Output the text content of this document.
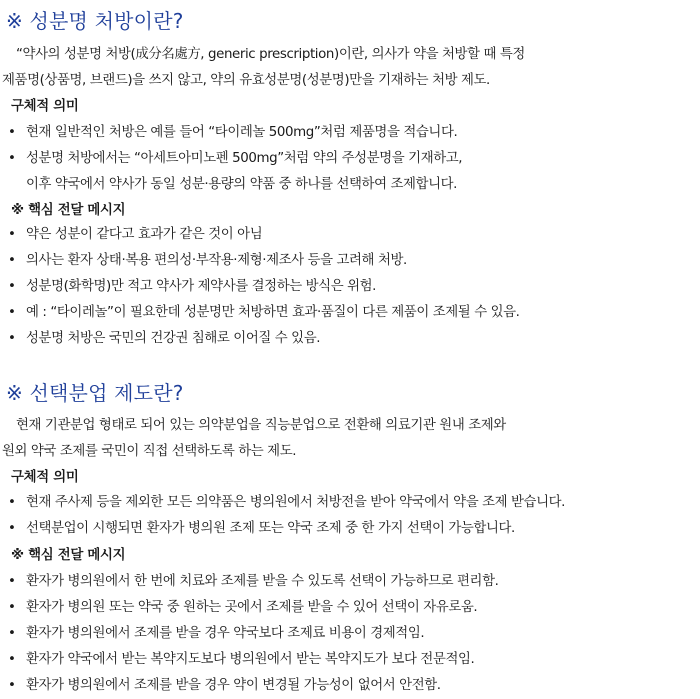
※ 성분명 처방이란?
“약사의 성분명 처방(成分名處方, generic prescription)이란, 의사가 약을 처방할 때 특정
제품명(상품명, 브랜드)을 쓰지 않고, 약의 유효성분명(성분명)만을 기재하는 처방 제도.
구체적 의미
• 현재 일반적인 처방은 예를 들어 “타이레놀 500mg”처럼 제품명을 적습니다.
• 성분명 처방에서는 “아세트아미노펜 500mg”처럼 약의 주성분명을 기재하고,
이후 약국에서 약사가 동일 성분·용량의 약품 중 하나를 선택하여 조제합니다.
※ 핵심 전달 메시지
• 약은 성분이 같다고 효과가 같은 것이 아님
• 의사는 환자 상태·복용 편의성·부작용·제형·제조사 등을 고려해 처방.
• 성분명(화학명)만 적고 약사가 제약사를 결정하는 방식은 위험.
• 예 : “타이레놀”이 필요한데 성분명만 처방하면 효과·품질이 다른 제품이 조제될 수 있음.
• 성분명 처방은 국민의 건강권 침해로 이어질 수 있음.
※ 선택분업 제도란?
현재 기관분업 형태로 되어 있는 의약분업을 직능분업으로 전환해 의료기관 원내 조제와
원외 약국 조제를 국민이 직접 선택하도록 하는 제도.
구체적 의미
• 현재 주사제 등을 제외한 모든 의약품은 병의원에서 처방전을 받아 약국에서 약을 조제 받습니다.
• 선택분업이 시행되면 환자가 병의원 조제 또는 약국 조제 중 한 가지 선택이 가능합니다.
※ 핵심 전달 메시지
• 환자가 병의원에서 한 번에 치료와 조제를 받을 수 있도록 선택이 가능하므로 편리함.
• 환자가 병의원 또는 약국 중 원하는 곳에서 조제를 받을 수 있어 선택이 자유로움.
• 환자가 병의원에서 조제를 받을 경우 약국보다 조제료 비용이 경제적임.
• 환자가 약국에서 받는 복약지도보다 병의원에서 받는 복약지도가 보다 전문적임.
• 환자가 병의원에서 조제를 받을 경우 약이 변경될 가능성이 없어서 안전함.
